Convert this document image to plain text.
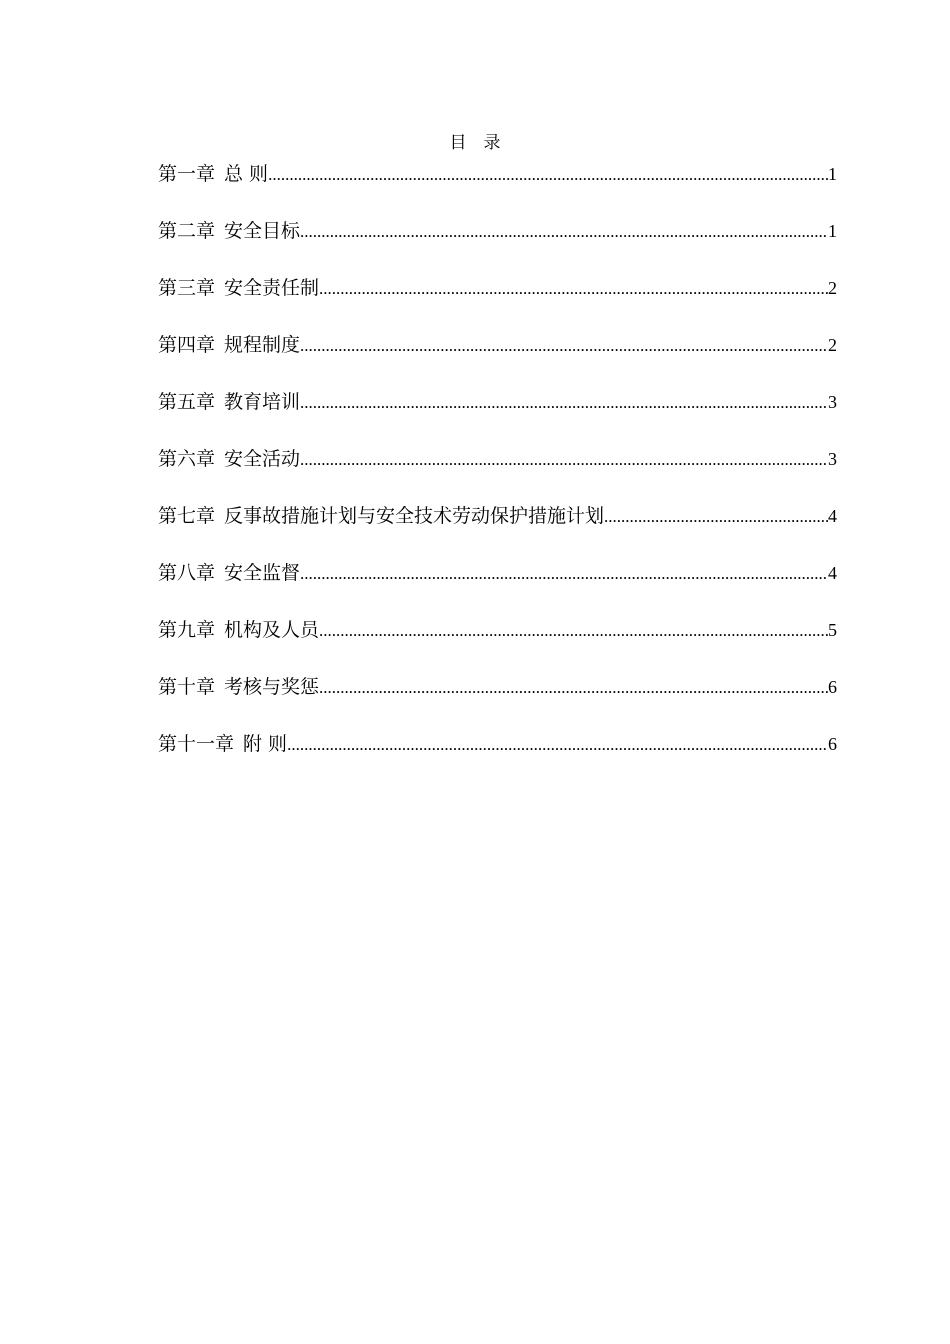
目　录
第一章 总 则 .....	1
第二章 安全目标 .....	1
第三章 安全责任制 .....	2
第四章 规程制度 .....	2
第五章 教育培训 .....	3
第六章 安全活动 .....	3
第七章 反事故措施计划与安全技术劳动保护措施计划 .....	4
第八章 安全监督 .....	4
第九章 机构及人员 .....	5
第十章 考核与奖惩 .....	6
第十一章 附 则 .....	6
